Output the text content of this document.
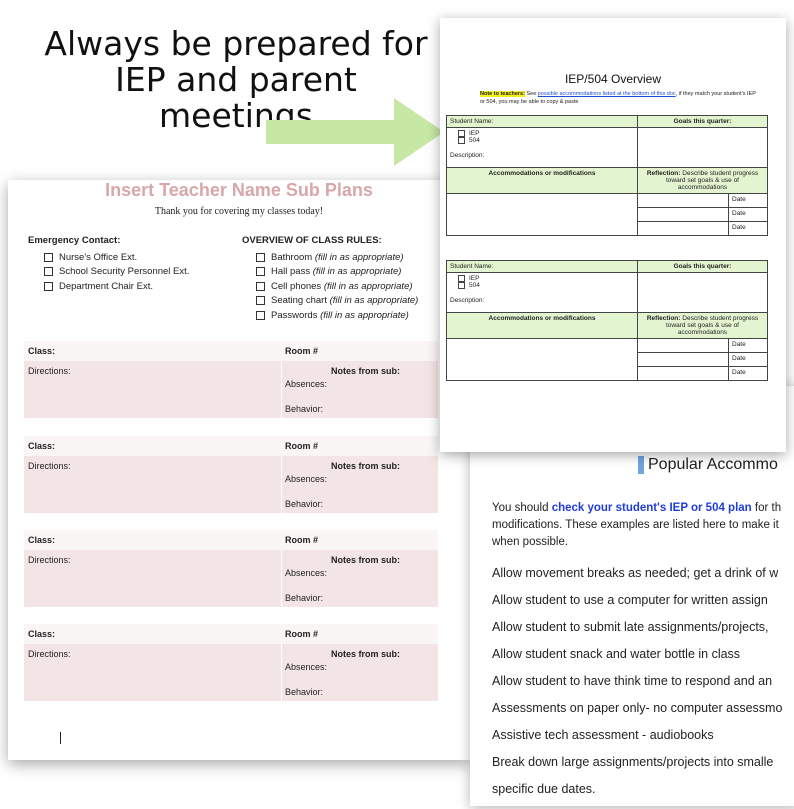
Always be prepared for
IEP and parent meetings
Insert Teacher Name Sub Plans
Thank you for covering my classes today!
Emergency Contact:
Nurse's Office Ext.
School Security Personnel Ext.
Department Chair Ext.
OVERVIEW OF CLASS RULES:
Bathroom
(fill in as appropriate)
Hall pass
(fill in as appropriate)
Cell phones
(fill in as appropriate)
Seating chart
(fill in as appropriate)
Passwords
(fill in as appropriate)
Class:	Room #
Directions:	Notes from sub:
Absences:
Behavior:
Class:	Room #
Directions:	Notes from sub:
Absences:
Behavior:
Class:	Room #
Directions:	Notes from sub:
Absences:
Behavior:
Class:	Room #
Directions:	Notes from sub:
Absences:
Behavior:
Popular Accommo
You should check your student's IEP or 504 plan for th
modifications. These examples are listed here to make it
when possible.
Allow movement breaks as needed; get a drink of w
Allow student to use a computer for written assign
Allow student to submit late assignments/projects,
Allow student snack and water bottle in class
Allow student to have think time to respond and an
Assessments on paper only- no computer assessmo
Assistive tech assessment - audiobooks
Break down large assignments/projects into smalle
specific due dates.
IEP/504 Overview
Note to teachers: See possible accommodations listed at the bottom of this doc, if they match your student's IEP or 504, you may be able to copy & paste
Student Name:	Goals this quarter:	

IEP
504
Description:		

Accommodations or modifications	Reflection: Describe student progress toward set goals & use of accommodations	
		Date
		Date
		Date
Student Name:	Goals this quarter:	

IEP
504
Description:		

Accommodations or modifications	Reflection: Describe student progress toward set goals & use of accommodations	
		Date
		Date
		Date
